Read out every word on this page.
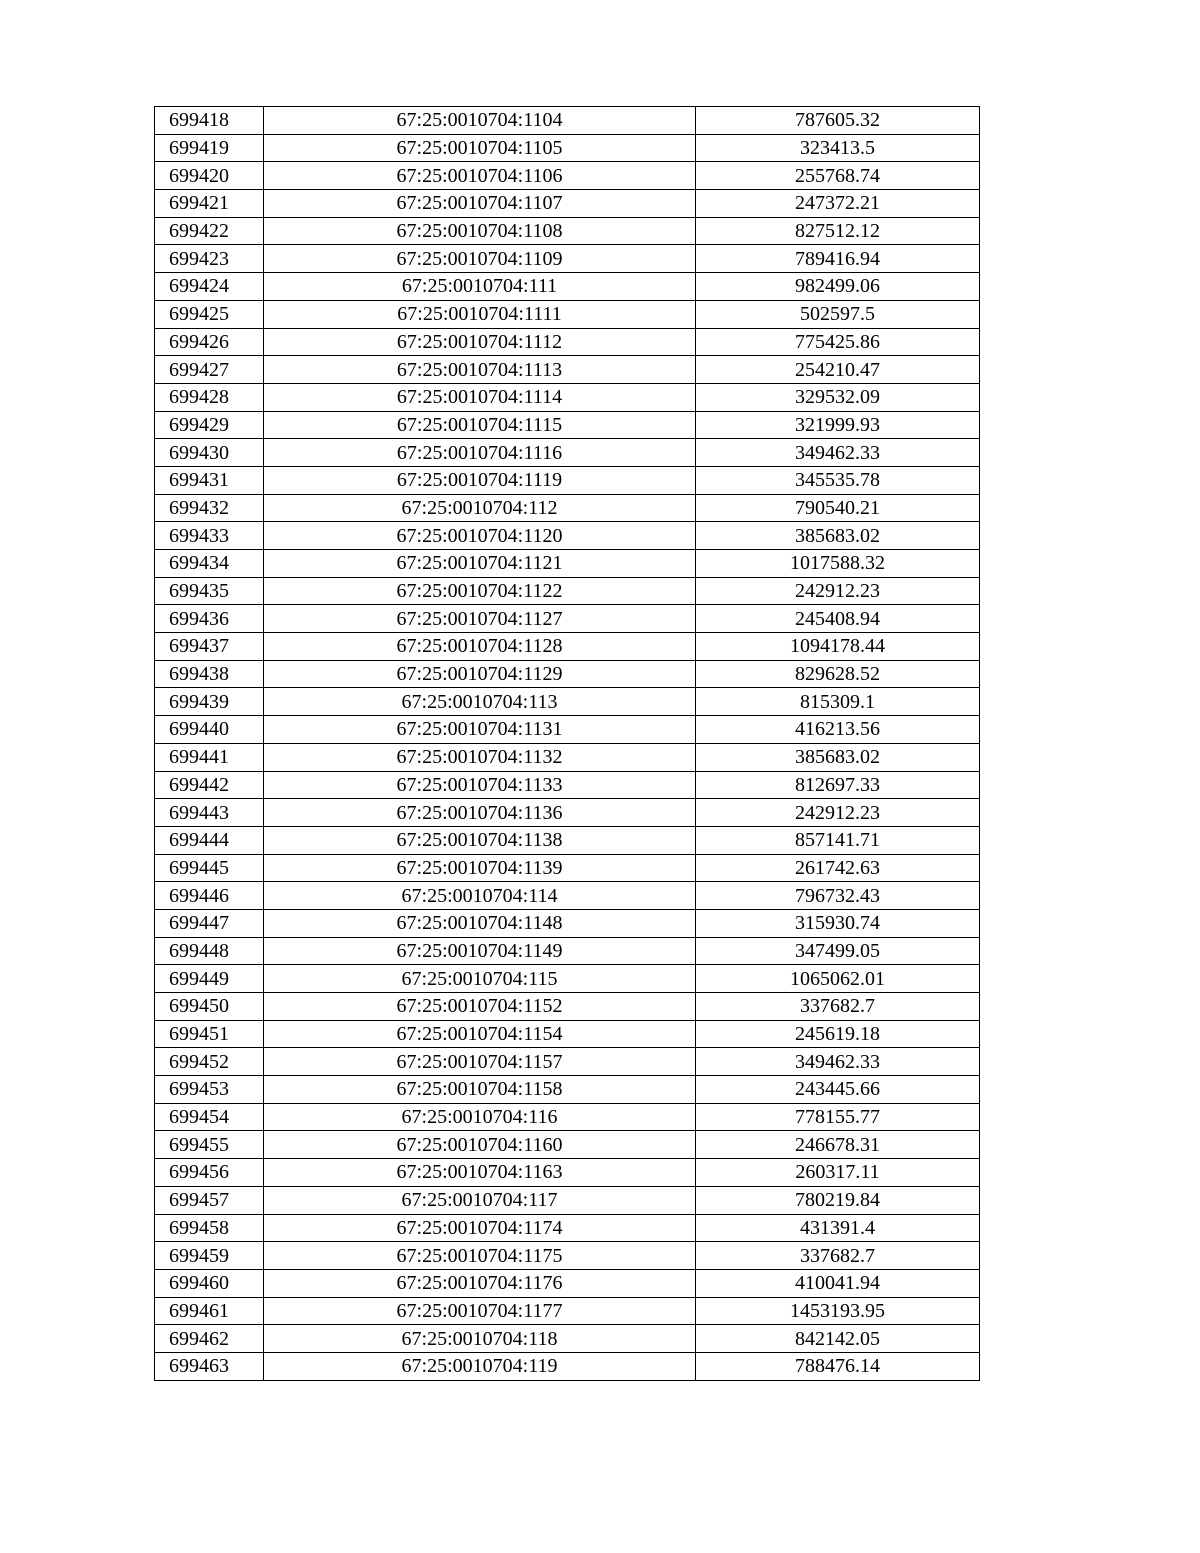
699418	67:25:0010704:1104	787605.32
699419	67:25:0010704:1105	323413.5
699420	67:25:0010704:1106	255768.74
699421	67:25:0010704:1107	247372.21
699422	67:25:0010704:1108	827512.12
699423	67:25:0010704:1109	789416.94
699424	67:25:0010704:111	982499.06
699425	67:25:0010704:1111	502597.5
699426	67:25:0010704:1112	775425.86
699427	67:25:0010704:1113	254210.47
699428	67:25:0010704:1114	329532.09
699429	67:25:0010704:1115	321999.93
699430	67:25:0010704:1116	349462.33
699431	67:25:0010704:1119	345535.78
699432	67:25:0010704:112	790540.21
699433	67:25:0010704:1120	385683.02
699434	67:25:0010704:1121	1017588.32
699435	67:25:0010704:1122	242912.23
699436	67:25:0010704:1127	245408.94
699437	67:25:0010704:1128	1094178.44
699438	67:25:0010704:1129	829628.52
699439	67:25:0010704:113	815309.1
699440	67:25:0010704:1131	416213.56
699441	67:25:0010704:1132	385683.02
699442	67:25:0010704:1133	812697.33
699443	67:25:0010704:1136	242912.23
699444	67:25:0010704:1138	857141.71
699445	67:25:0010704:1139	261742.63
699446	67:25:0010704:114	796732.43
699447	67:25:0010704:1148	315930.74
699448	67:25:0010704:1149	347499.05
699449	67:25:0010704:115	1065062.01
699450	67:25:0010704:1152	337682.7
699451	67:25:0010704:1154	245619.18
699452	67:25:0010704:1157	349462.33
699453	67:25:0010704:1158	243445.66
699454	67:25:0010704:116	778155.77
699455	67:25:0010704:1160	246678.31
699456	67:25:0010704:1163	260317.11
699457	67:25:0010704:117	780219.84
699458	67:25:0010704:1174	431391.4
699459	67:25:0010704:1175	337682.7
699460	67:25:0010704:1176	410041.94
699461	67:25:0010704:1177	1453193.95
699462	67:25:0010704:118	842142.05
699463	67:25:0010704:119	788476.14
